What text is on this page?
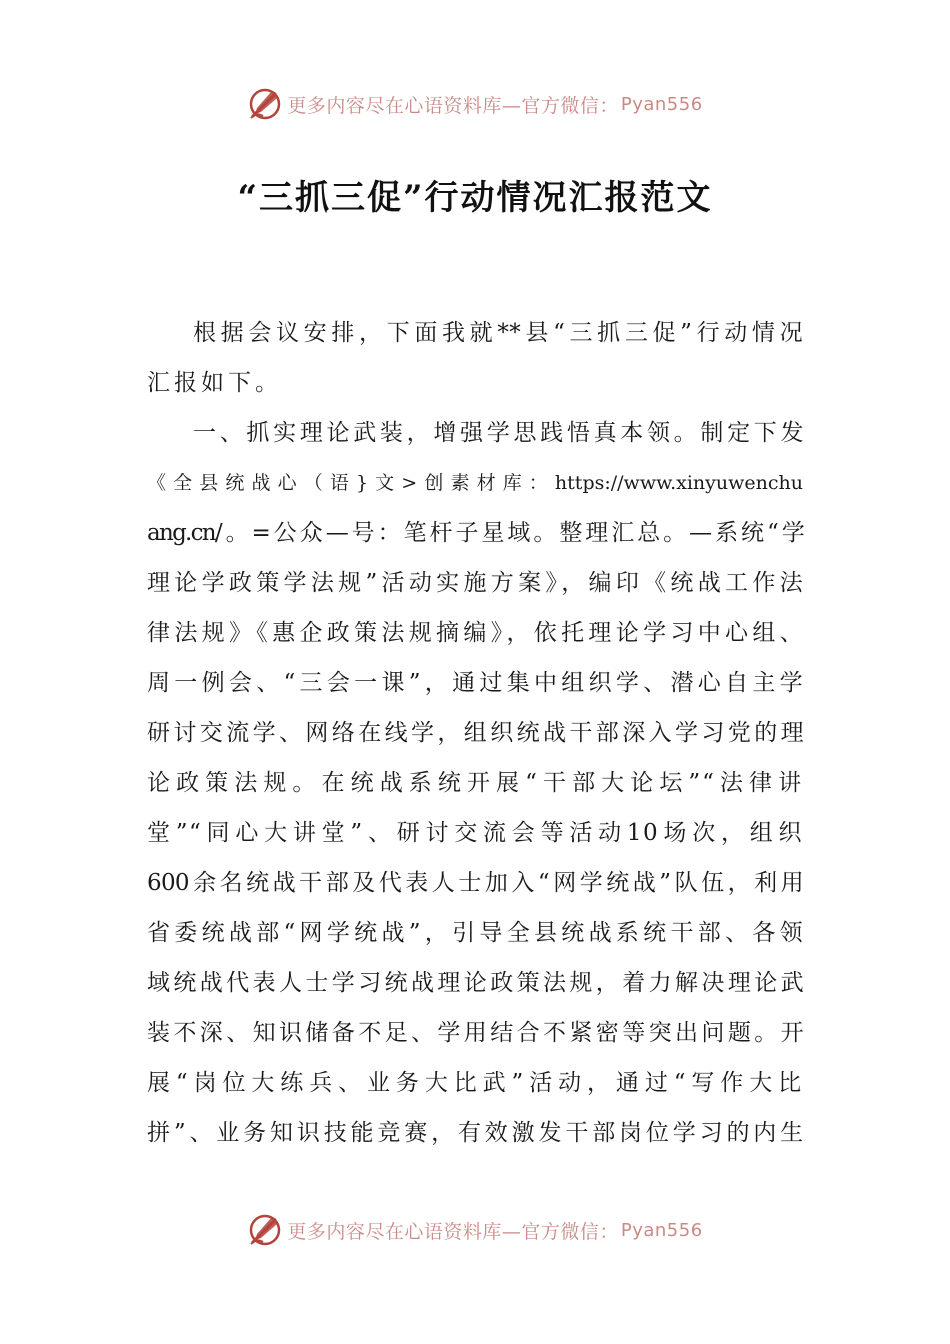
更多内容尽在心语资料库—官方微信： Pyan556
“三抓三促”行动情况汇报范文

根据会议安排，下面我就**县“三抓三促”行动情况
汇报如下。

一、抓实理论武装，增强学思践悟真本领。制定下发
《全县统战心（语}文>创素材库：https://www.xinyuwenchu
ang.cn/。=公众—号：笔杆子星域。整理汇总。—系统“学
理论学政策学法规”活动实施方案》，编印《统战工作法
律法规》《惠企政策法规摘编》，依托理论学习中心组、
周一例会、“三会一课”，通过集中组织学、潜心自主学
研讨交流学、网络在线学，组织统战干部深入学习党的理
论政策法规。在统战系统开展“干部大论坛”“法律讲
堂”“同心大讲堂”、研讨交流会等活动10场次，组织
600余名统战干部及代表人士加入“网学统战”队伍，利用
省委统战部“网学统战”，引导全县统战系统干部、各领
域统战代表人士学习统战理论政策法规，着力解决理论武
装不深、知识储备不足、学用结合不紧密等突出问题。开
展“岗位大练兵、业务大比武”活动，通过“写作大比
拼”、业务知识技能竞赛，有效激发干部岗位学习的内生

更多内容尽在心语资料库—官方微信： Pyan556
